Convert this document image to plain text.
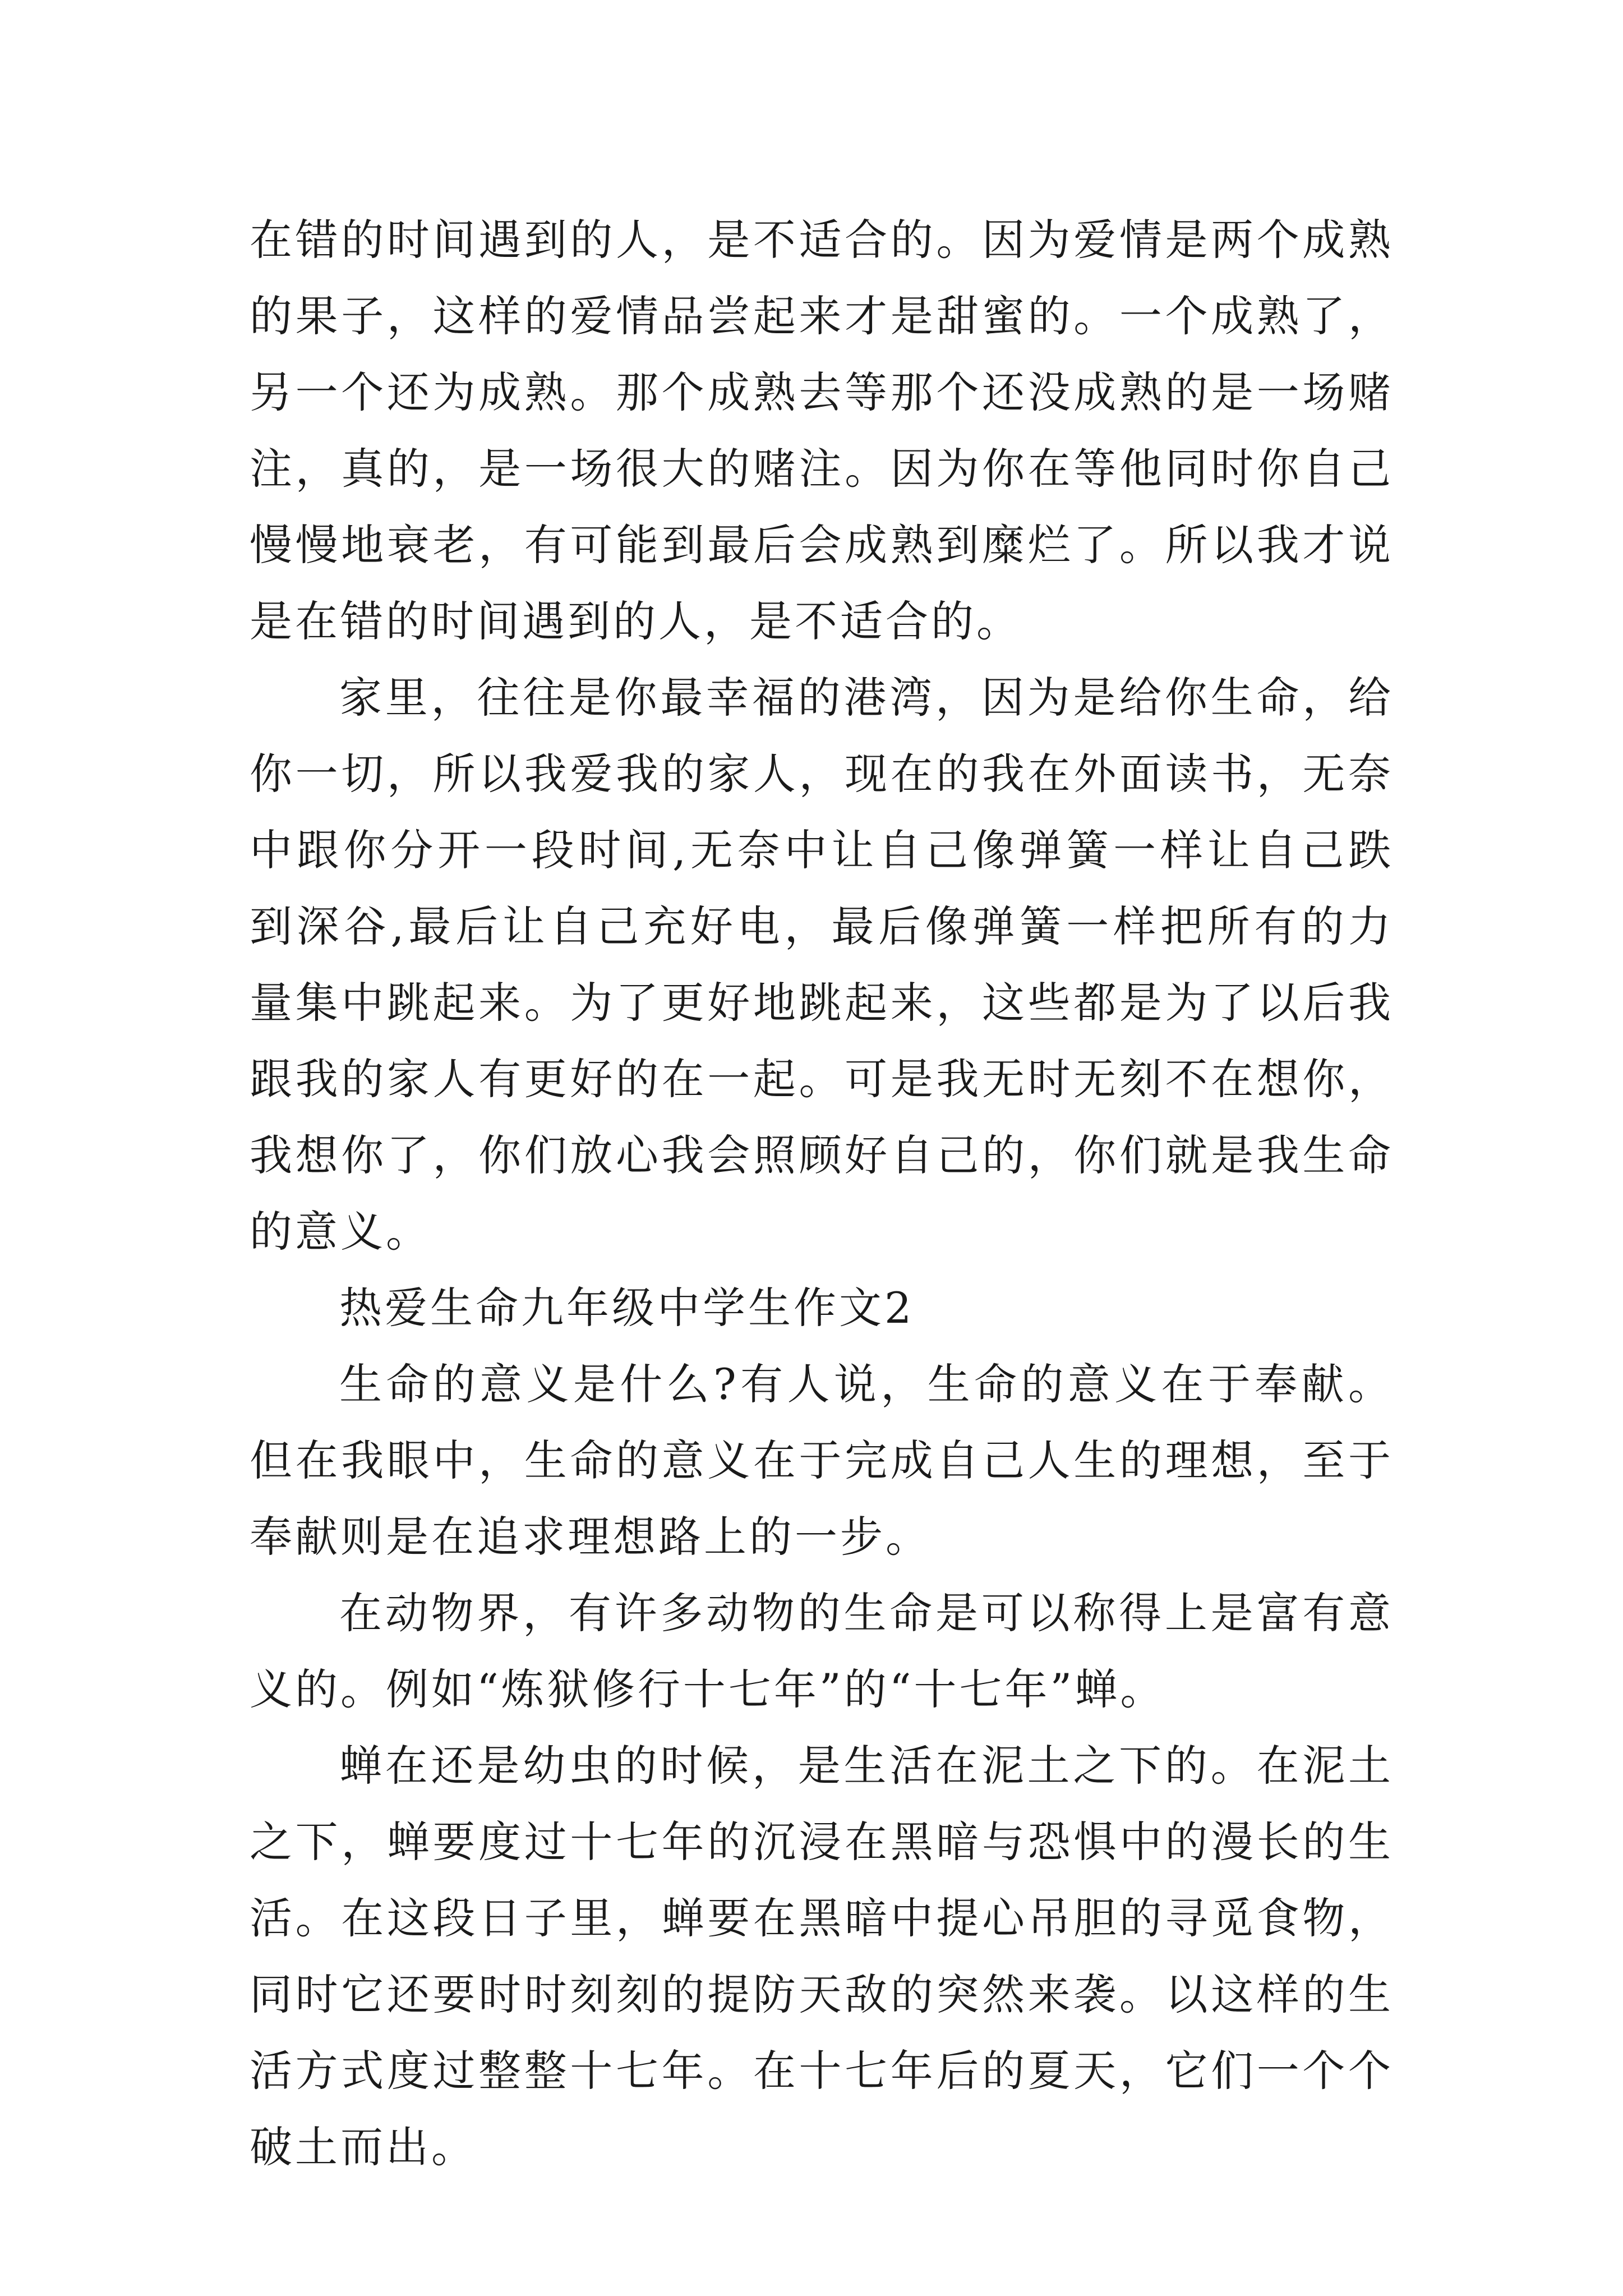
在错的时间遇到的人，是不适合的。因为爱情是两个成熟的果子，这样的爱情品尝起来才是甜蜜的。一个成熟了，另一个还为成熟。那个成熟去等那个还没成熟的是一场赌注，真的，是一场很大的赌注。因为你在等他同时你自己慢慢地衰老，有可能到最后会成熟到糜烂了。所以我才说是在错的时间遇到的人，是不适合的。

家里，往往是你最幸福的港湾，因为是给你生命，给你一切，所以我爱我的家人，现在的我在外面读书，无奈中跟你分开一段时间,无奈中让自己像弹簧一样让自己跌到深谷,最后让自己充好电，最后像弹簧一样把所有的力量集中跳起来。为了更好地跳起来，这些都是为了以后我跟我的家人有更好的在一起。可是我无时无刻不在想你，我想你了，你们放心我会照顾好自己的，你们就是我生命的意义。

热爱生命九年级中学生作文2

生命的意义是什么?有人说，生命的意义在于奉献。但在我眼中，生命的意义在于完成自己人生的理想，至于奉献则是在追求理想路上的一步。

在动物界，有许多动物的生命是可以称得上是富有意义的。例如“炼狱修行十七年”的“十七年”蝉。

蝉在还是幼虫的时候，是生活在泥土之下的。在泥土之下，蝉要度过十七年的沉浸在黑暗与恐惧中的漫长的生活。在这段日子里，蝉要在黑暗中提心吊胆的寻觅食物，同时它还要时时刻刻的提防天敌的突然来袭。以这样的生活方式度过整整十七年。在十七年后的夏天，它们一个个破土而出。
